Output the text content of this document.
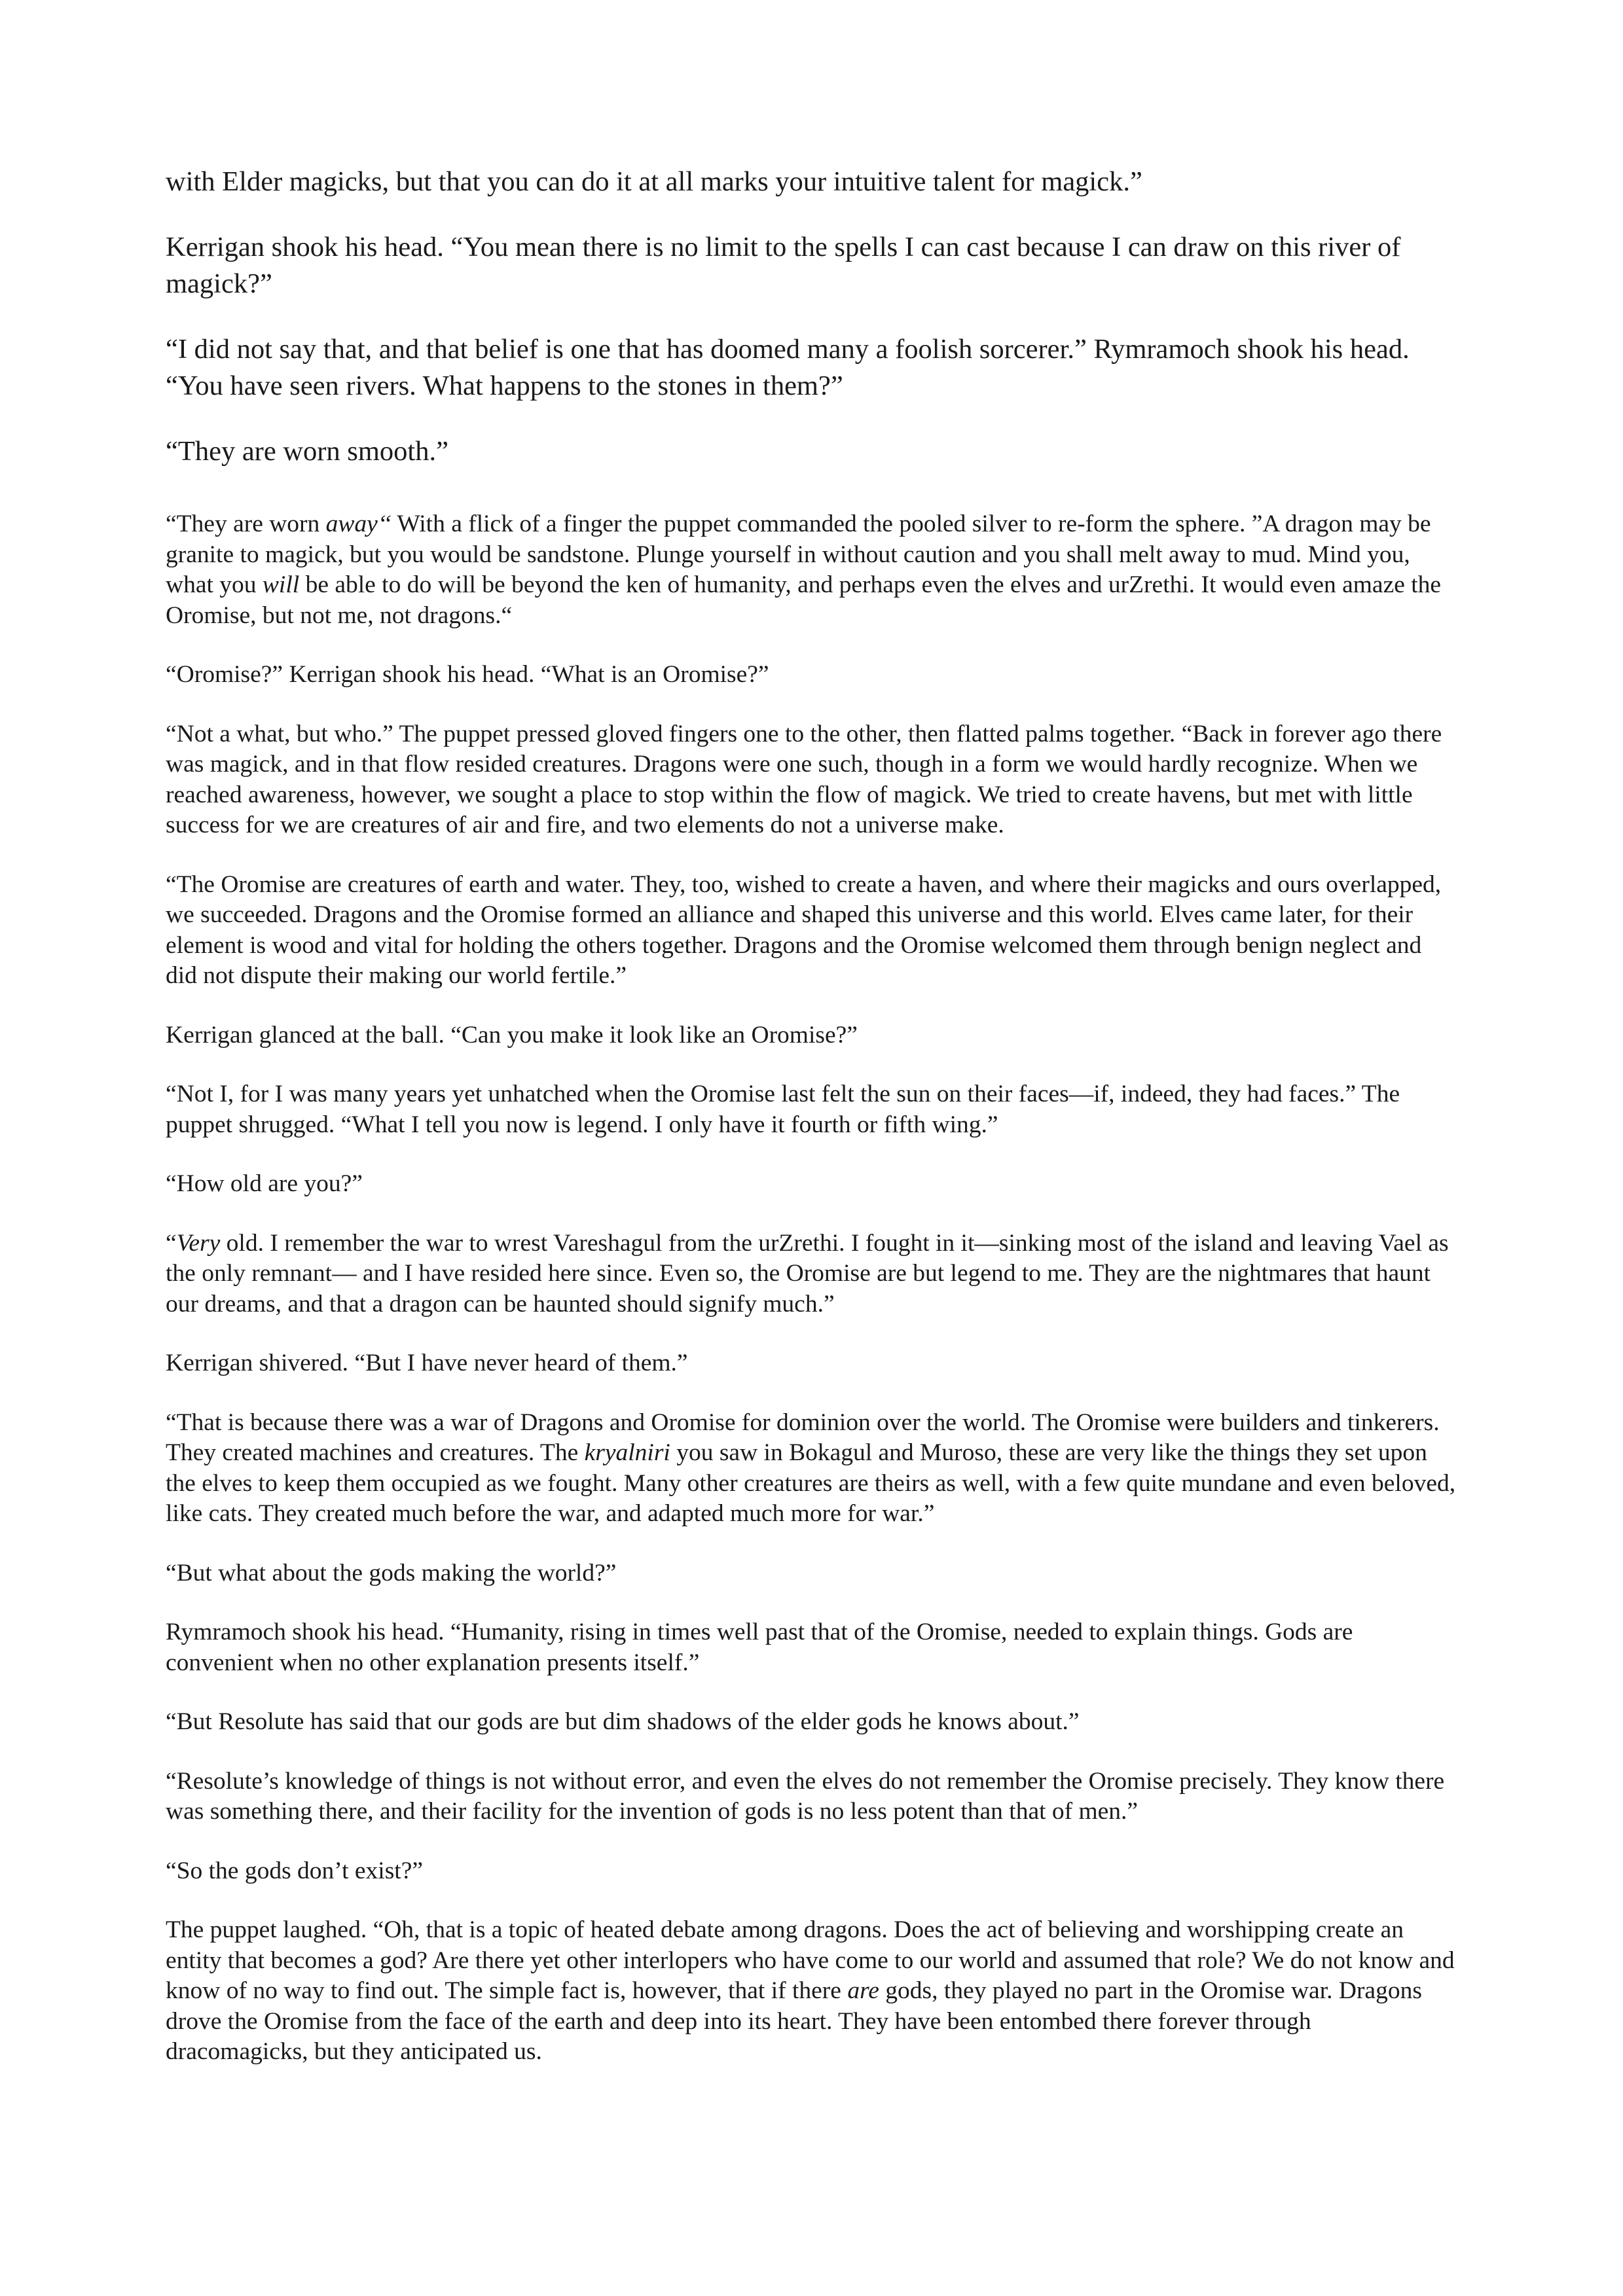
with Elder magicks, but that you can do it at all marks your intuitive talent for magick.”

Kerrigan shook his head. “You mean there is no limit to the spells I can cast because I can draw on this river of magick?”

“I did not say that, and that belief is one that has doomed many a foolish sorcerer.” Rymramoch shook his head. “You have seen rivers. What happens to the stones in them?”

“They are worn smooth.”

“They are worn away‘‘ With a flick of a finger the puppet commanded the pooled silver to re-form the sphere. ”A dragon may be granite to magick, but you would be sandstone. Plunge yourself in without caution and you shall melt away to mud. Mind you, what you will be able to do will be beyond the ken of humanity, and perhaps even the elves and urZrethi. It would even amaze the Oromise, but not me, not dragons.“

“Oromise?” Kerrigan shook his head. “What is an Oromise?”

“Not a what, but who.” The puppet pressed gloved fingers one to the other, then flatted palms together. “Back in forever ago there was magick, and in that flow resided creatures. Dragons were one such, though in a form we would hardly recognize. When we reached awareness, however, we sought a place to stop within the flow of magick. We tried to create havens, but met with little success for we are creatures of air and fire, and two elements do not a universe make.

“The Oromise are creatures of earth and water. They, too, wished to create a haven, and where their magicks and ours overlapped, we succeeded. Dragons and the Oromise formed an alliance and shaped this universe and this world. Elves came later, for their element is wood and vital for holding the others together. Dragons and the Oromise welcomed them through benign neglect and did not dispute their making our world fertile.”

Kerrigan glanced at the ball. “Can you make it look like an Oromise?”

“Not I, for I was many years yet unhatched when the Oromise last felt the sun on their faces—if, indeed, they had faces.” The puppet shrugged. “What I tell you now is legend. I only have it fourth or fifth wing.”

“How old are you?”

“Very old. I remember the war to wrest Vareshagul from the urZrethi. I fought in it—sinking most of the island and leaving Vael as the only remnant— and I have resided here since. Even so, the Oromise are but legend to me. They are the nightmares that haunt our dreams, and that a dragon can be haunted should signify much.”

Kerrigan shivered. “But I have never heard of them.”

“That is because there was a war of Dragons and Oromise for dominion over the world. The Oromise were builders and tinkerers. They created machines and creatures. The kryalniri you saw in Bokagul and Muroso, these are very like the things they set upon the elves to keep them occupied as we fought. Many other creatures are theirs as well, with a few quite mundane and even beloved, like cats. They created much before the war, and adapted much more for war.”

“But what about the gods making the world?”

Rymramoch shook his head. “Humanity, rising in times well past that of the Oromise, needed to explain things. Gods are convenient when no other explanation presents itself.”

“But Resolute has said that our gods are but dim shadows of the elder gods he knows about.”

“Resolute’s knowledge of things is not without error, and even the elves do not remember the Oromise precisely. They know there was something there, and their facility for the invention of gods is no less potent than that of men.”

“So the gods don’t exist?”

The puppet laughed. “Oh, that is a topic of heated debate among dragons. Does the act of believing and worshipping create an entity that becomes a god? Are there yet other interlopers who have come to our world and assumed that role? We do not know and know of no way to find out. The simple fact is, however, that if there are gods, they played no part in the Oromise war. Dragons drove the Oromise from the face of the earth and deep into its heart. They have been entombed there forever through dracomagicks, but they anticipated us.
